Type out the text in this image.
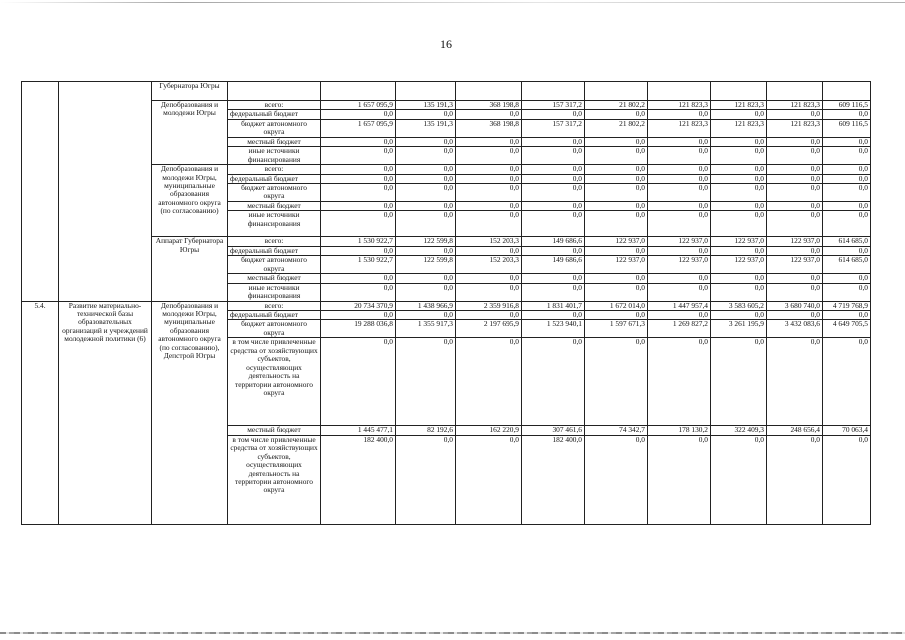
16
		Губернатора Югры										
		Депобразования и молодежи Югры	всего:	1 657 095,9	135 191,3	368 198,8	157 317,2	21 802,2	121 823,3	121 823,3	121 823,3	609 116,5
			федеральный бюджет	0,0	0,0	0,0	0,0	0,0	0,0	0,0	0,0	0,0
			бюджет автономного округа	1 657 095,9	135 191,3	368 198,8	157 317,2	21 802,2	121 823,3	121 823,3	121 823,3	609 116,5
			местный бюджет	0,0	0,0	0,0	0,0	0,0	0,0	0,0	0,0	0,0
			иные источники финансирования	0,0	0,0	0,0	0,0	0,0	0,0	0,0	0,0	0,0
		Депобразования и молодежи Югры, муниципальные образования автономного округа (по согласованию)	всего:	0,0	0,0	0,0	0,0	0,0	0,0	0,0	0,0	0,0
			федеральный бюджет	0,0	0,0	0,0	0,0	0,0	0,0	0,0	0,0	0,0
			бюджет автономного округа	0,0	0,0	0,0	0,0	0,0	0,0	0,0	0,0	0,0
			местный бюджет	0,0	0,0	0,0	0,0	0,0	0,0	0,0	0,0	0,0
			иные источники финансирования	0,0	0,0	0,0	0,0	0,0	0,0	0,0	0,0	0,0
		Аппарат Губернатора Югры	всего:	1 530 922,7	122 599,8	152 203,3	149 686,6	122 937,0	122 937,0	122 937,0	122 937,0	614 685,0
			федеральный бюджет	0,0	0,0	0,0	0,0	0,0	0,0	0,0	0,0	0,0
			бюджет автономного округа	1 530 922,7	122 599,8	152 203,3	149 686,6	122 937,0	122 937,0	122 937,0	122 937,0	614 685,0
			местный бюджет	0,0	0,0	0,0	0,0	0,0	0,0	0,0	0,0	0,0
			иные источники финансирования	0,0	0,0	0,0	0,0	0,0	0,0	0,0	0,0	0,0
5.4.	Развитие материально-технической базы образовательных организаций и учреждений молодежной политики (6)	Депобразования и молодежи Югры, муниципальные образования автономного округа (по согласованию), Депстрой Югры	всего:	20 734 370,9	1 438 966,9	2 359 916,8	1 831 401,7	1 672 014,0	1 447 957,4	3 583 605,2	3 680 740,0	4 719 768,9
			федеральный бюджет	0,0	0,0	0,0	0,0	0,0	0,0	0,0	0,0	0,0
			бюджет автономного округа	19 288 036,8	1 355 917,3	2 197 695,9	1 523 940,1	1 597 671,3	1 269 827,2	3 261 195,9	3 432 083,6	4 649 705,5
			в том числе привлеченные средства от хозяйствующих субъектов, осуществляющих деятельность на территории автономного округа	0,0	0,0	0,0	0,0	0,0	0,0	0,0	0,0	0,0
			местный бюджет	1 445 477,1	82 192,6	162 220,9	307 461,6	74 342,7	178 130,2	322 409,3	248 656,4	70 063,4
			в том числе привлеченные средства от хозяйствующих субъектов, осуществляющих деятельность на территории автономного округа	182 400,0	0,0	0,0	182 400,0	0,0	0,0	0,0	0,0	0,0
